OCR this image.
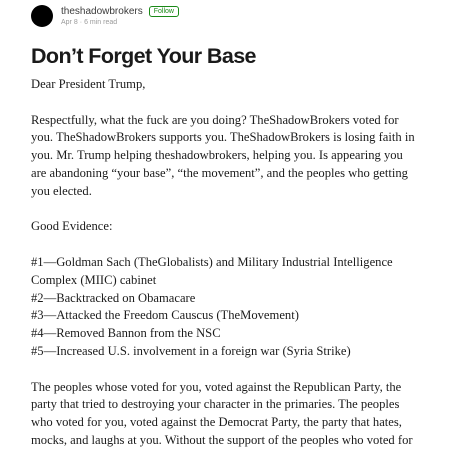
theshadowbrokers	Follow
Apr 8 · 6 min read
Don’t Forget Your Base

Dear President Trump,

Respectfully, what the fuck are you doing? TheShadowBrokers voted for
you. TheShadowBrokers supports you. TheShadowBrokers is losing faith in
you. Mr. Trump helping theshadowbrokers, helping you. Is appearing you
are abandoning “your base”, “the movement”, and the peoples who getting
you elected.

Good Evidence:

#1—Goldman Sach (TheGlobalists) and Military Industrial Intelligence
Complex (MIIC) cabinet
#2—Backtracked on Obamacare
#3—Attacked the Freedom Causcus (TheMovement)
#4—Removed Bannon from the NSC
#5—Increased U.S. involvement in a foreign war (Syria Strike)

The peoples whose voted for you, voted against the Republican Party, the
party that tried to destroying your character in the primaries. The peoples
who voted for you, voted against the Democrat Party, the party that hates,
mocks, and laughs at you. Without the support of the peoples who voted for
